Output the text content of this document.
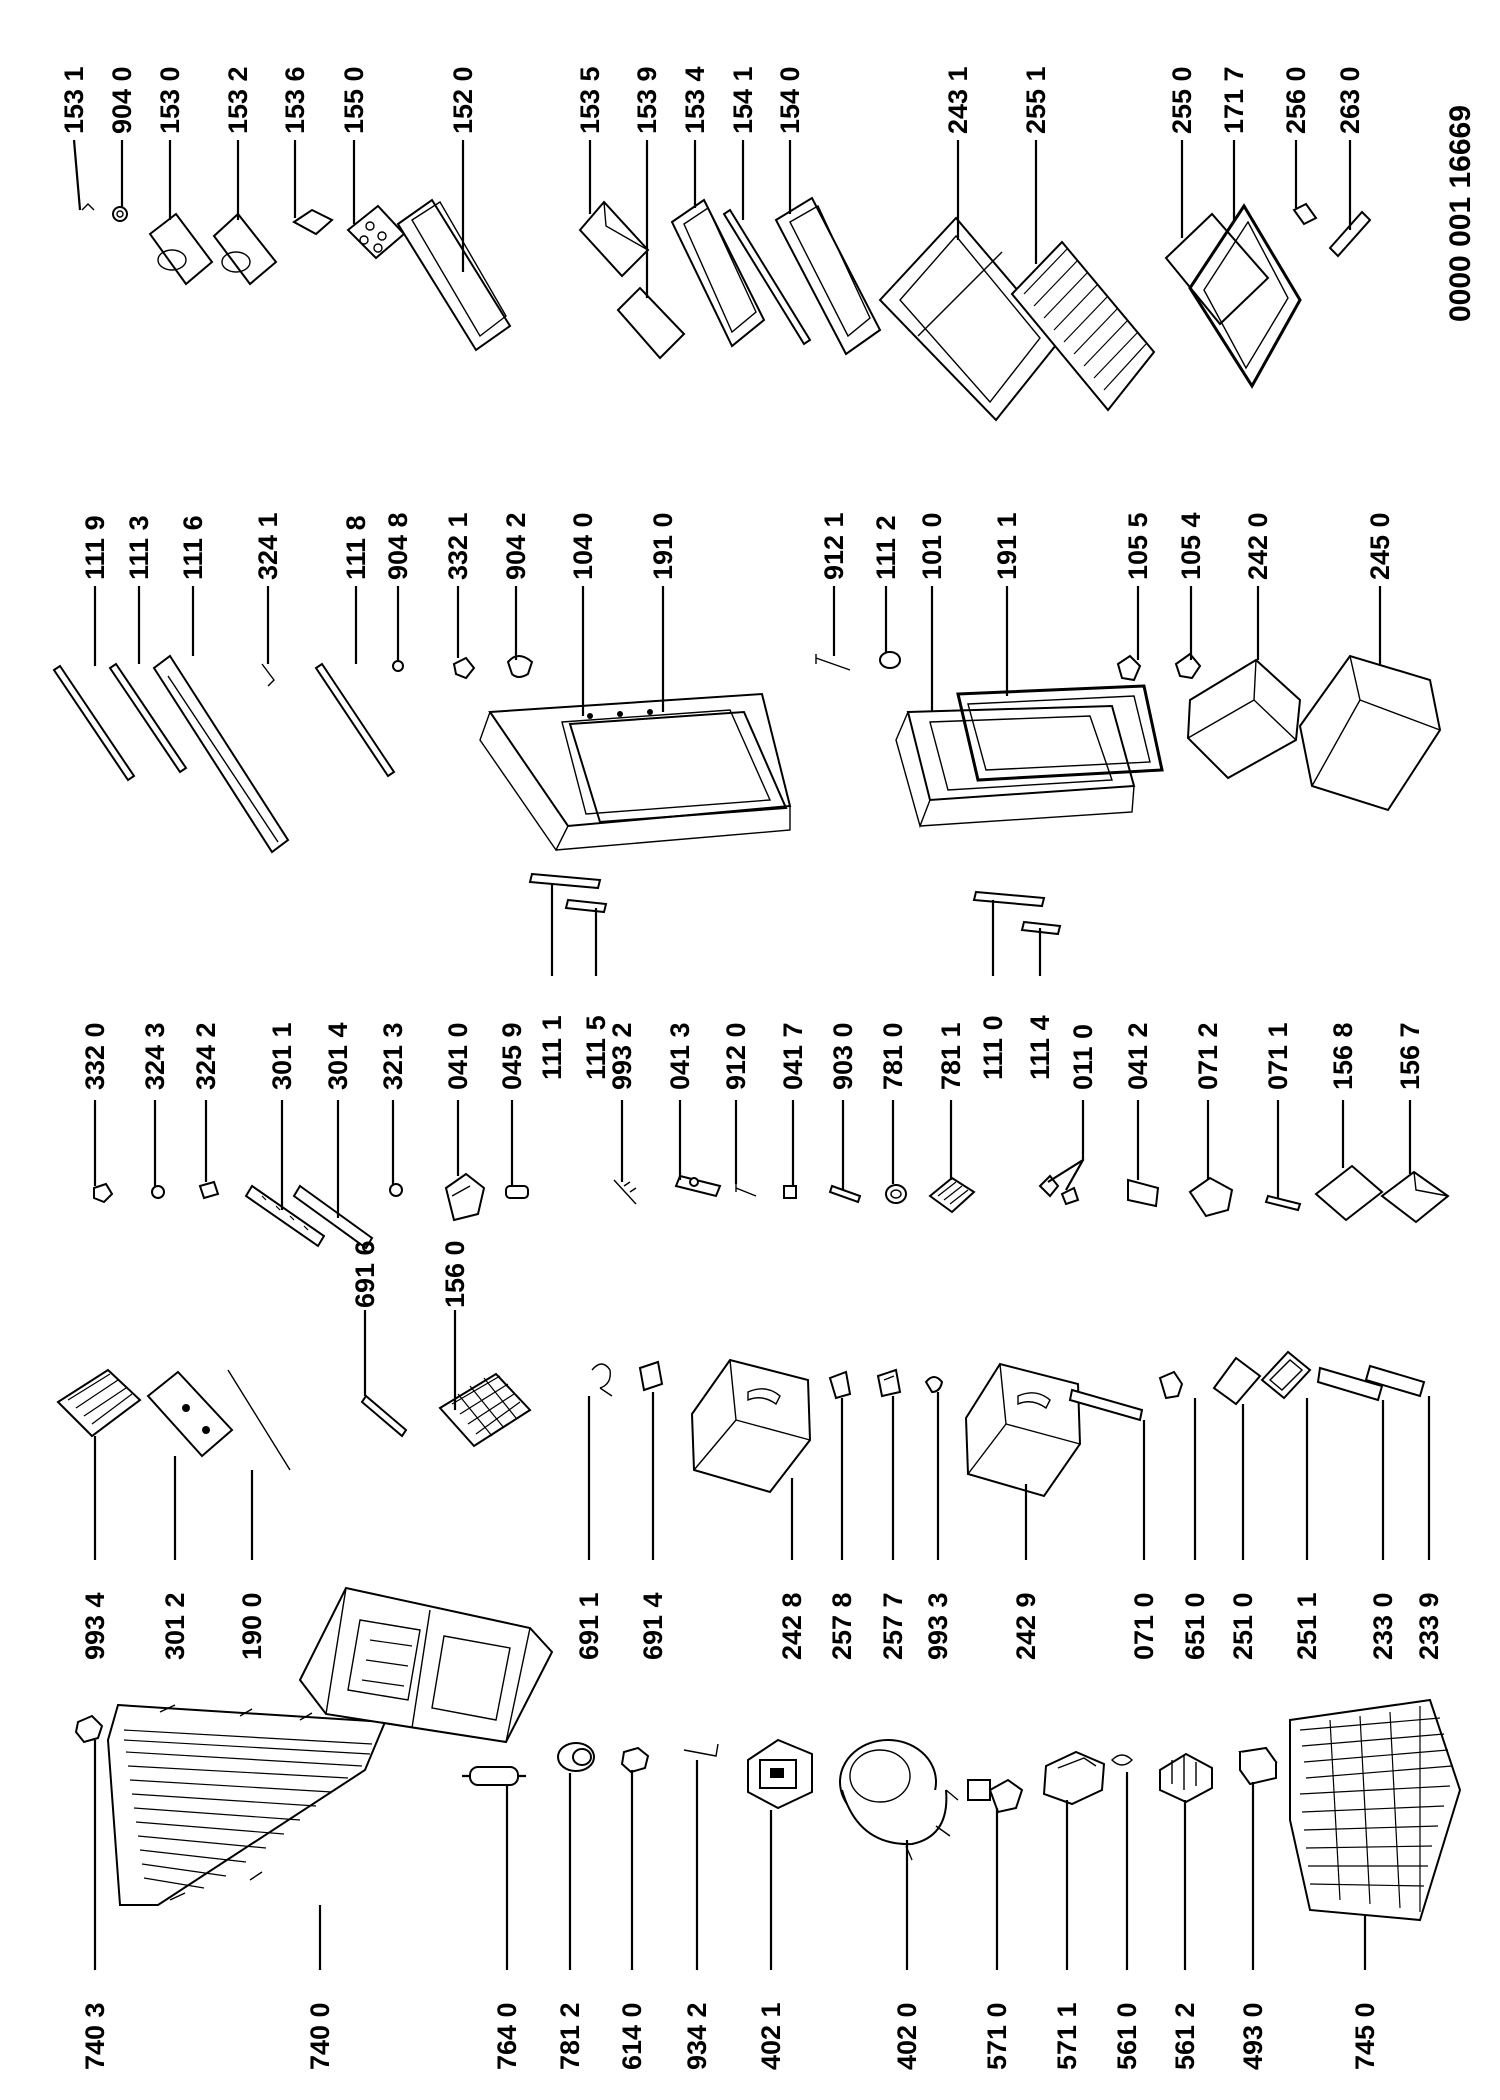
740 3	740 0	764 0 781 2 614 0 934 2 402 1	402 0 571 0 571 1 561 0 561 2 493 0	745 0
993 4 301 2 190 0
691 6 156 0
691 1 691 4	242 8 257 8 257 7 993 3 242 9	071 0 651 0 251 0 251 1 233 0 233 9
332 0 324 3 324 2 301 1 301 4 321 3 041 0 045 9	993 2 041 3 912 0 041 7 903 0 781 0 781 1	011 0 041 2 071 2 071 1 156 8 156 7
111 1 111 5	111 0 111 4
111 9 111 3 111 6 324 1 111 8 904 8 332 1 904 2 104 0 191 0	912 1 111 2 101 0 191 1	105 5 105 4 242 0	245 0
153 1 904 0 153 0 153 2 153 6 155 0	152 0	153 5 153 9 153 4 154 1 154 0	243 1 255 1	255 0 171 7 256 0 263 0
0000 001 16669
